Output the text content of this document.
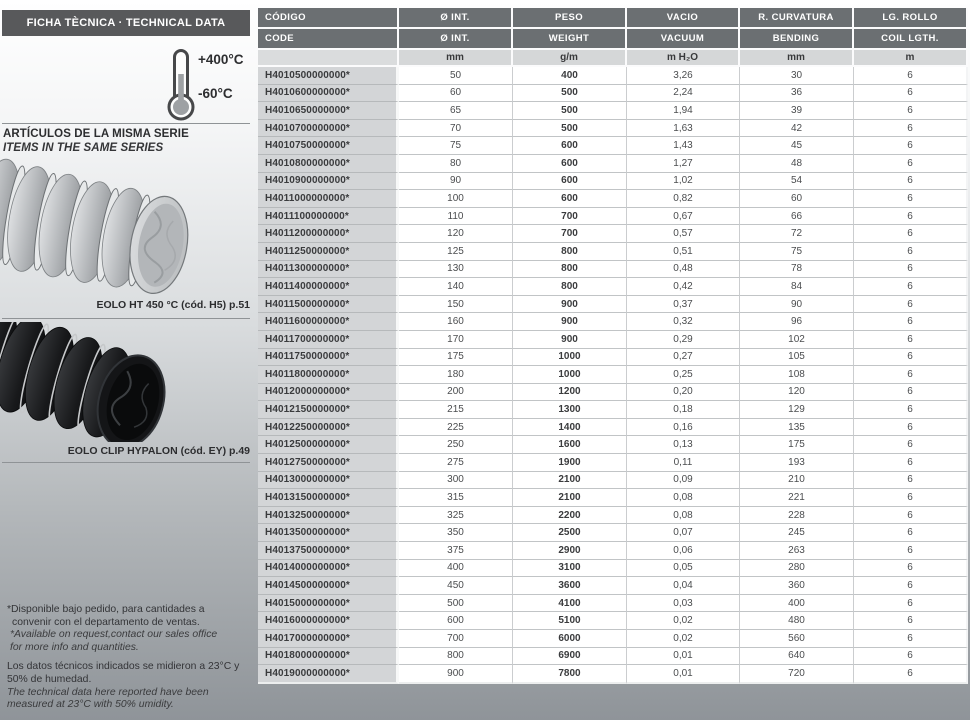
FICHA TÈCNICA · TECHNICAL DATA
+400°C
-60°C
ARTÍCULOS DE LA MISMA SERIE
ITEMS IN THE SAME SERIES
EOLO HT 450 °C (cód. H5) p.51
EOLO CLIP HYPALON (cód. EY) p.49
*Disponible bajo pedido, para cantidades a
convenir con el departamento de ventas.
*Available on request,contact our sales office
for more info and quantities.
Los datos técnicos indicados se midieron a 23°C y
50% de humedad.
The technical data here reported have been
measured at 23°C with 50% umidity.
CÓDIGO	Ø INT.	PESO	VACIO	R. CURVATURA	LG. ROLLO
CODE	Ø INT.	WEIGHT	VACUUM	BENDING	COIL LGTH.
	mm	g/m	m H₂O	mm	m
H4010500000000*	50	400	3,26	30	6
H4010600000000*	60	500	2,24	36	6
H4010650000000*	65	500	1,94	39	6
H4010700000000*	70	500	1,63	42	6
H4010750000000*	75	600	1,43	45	6
H4010800000000*	80	600	1,27	48	6
H4010900000000*	90	600	1,02	54	6
H4011000000000*	100	600	0,82	60	6
H4011100000000*	110	700	0,67	66	6
H4011200000000*	120	700	0,57	72	6
H4011250000000*	125	800	0,51	75	6
H4011300000000*	130	800	0,48	78	6
H4011400000000*	140	800	0,42	84	6
H4011500000000*	150	900	0,37	90	6
H4011600000000*	160	900	0,32	96	6
H4011700000000*	170	900	0,29	102	6
H4011750000000*	175	1000	0,27	105	6
H4011800000000*	180	1000	0,25	108	6
H4012000000000*	200	1200	0,20	120	6
H4012150000000*	215	1300	0,18	129	6
H4012250000000*	225	1400	0,16	135	6
H4012500000000*	250	1600	0,13	175	6
H4012750000000*	275	1900	0,11	193	6
H4013000000000*	300	2100	0,09	210	6
H4013150000000*	315	2100	0,08	221	6
H4013250000000*	325	2200	0,08	228	6
H4013500000000*	350	2500	0,07	245	6
H4013750000000*	375	2900	0,06	263	6
H4014000000000*	400	3100	0,05	280	6
H4014500000000*	450	3600	0,04	360	6
H4015000000000*	500	4100	0,03	400	6
H4016000000000*	600	5100	0,02	480	6
H4017000000000*	700	6000	0,02	560	6
H4018000000000*	800	6900	0,01	640	6
H4019000000000*	900	7800	0,01	720	6
